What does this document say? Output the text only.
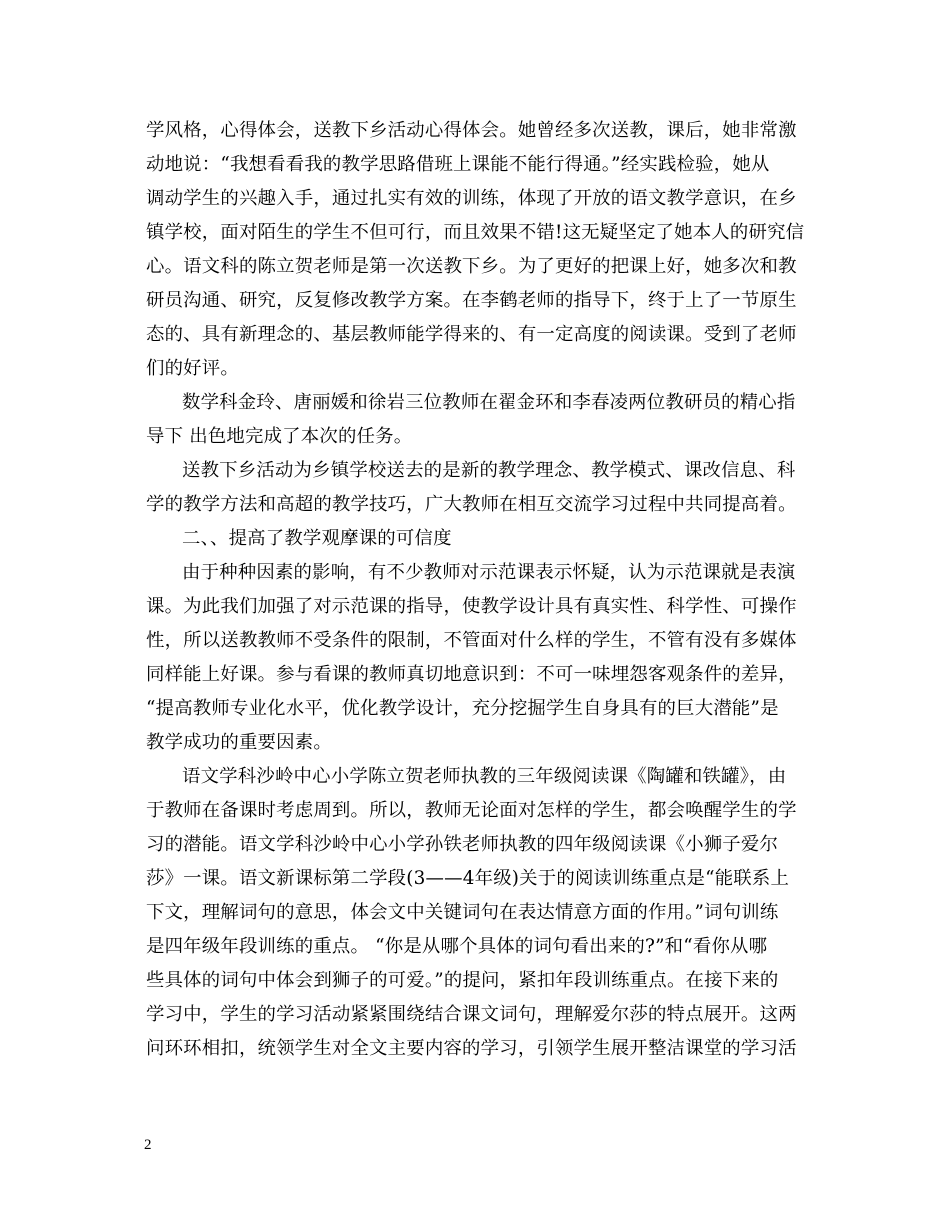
学风格，心得体会，送教下乡活动心得体会。她曾经多次送教，课后，她非常激
动地说：“我想看看我的教学思路借班上课能不能行得通。”经实践检验，她从
调动学生的兴趣入手，通过扎实有效的训练，体现了开放的语文教学意识，在乡
镇学校，面对陌生的学生不但可行，而且效果不错!这无疑坚定了她本人的研究信
心。语文科的陈立贺老师是第一次送教下乡。为了更好的把课上好，她多次和教
研员沟通、研究，反复修改教学方案。在李鹤老师的指导下，终于上了一节原生
态的、具有新理念的、基层教师能学得来的、有一定高度的阅读课。受到了老师
们的好评。
数学科金玲、唐丽媛和徐岩三位教师在翟金环和李春凌两位教研员的精心指
导下 出色地完成了本次的任务。
送教下乡活动为乡镇学校送去的是新的教学理念、教学模式、课改信息、科
学的教学方法和高超的教学技巧，广大教师在相互交流学习过程中共同提高着。
二、、提高了教学观摩课的可信度
由于种种因素的影响，有不少教师对示范课表示怀疑，认为示范课就是表演
课。为此我们加强了对示范课的指导，使教学设计具有真实性、科学性、可操作
性，所以送教教师不受条件的限制，不管面对什么样的学生，不管有没有多媒体
同样能上好课。参与看课的教师真切地意识到：不可一味埋怨客观条件的差异，
“提高教师专业化水平，优化教学设计，充分挖掘学生自身具有的巨大潜能”是
教学成功的重要因素。
语文学科沙岭中心小学陈立贺老师执教的三年级阅读课《陶罐和铁罐》，由
于教师在备课时考虑周到。所以，教师无论面对怎样的学生，都会唤醒学生的学
习的潜能。语文学科沙岭中心小学孙铁老师执教的四年级阅读课《小狮子爱尔
莎》一课。语文新课标第二学段(3——4年级)关于的阅读训练重点是“能联系上
下文，理解词句的意思，体会文中关键词句在表达情意方面的作用。”词句训练
是四年级年段训练的重点。 “你是从哪个具体的词句看出来的?”和“看你从哪
些具体的词句中体会到狮子的可爱。”的提问，紧扣年段训练重点。在接下来的
学习中，学生的学习活动紧紧围绕结合课文词句，理解爱尔莎的特点展开。这两
问环环相扣，统领学生对全文主要内容的学习，引领学生展开整洁课堂的学习活
2
